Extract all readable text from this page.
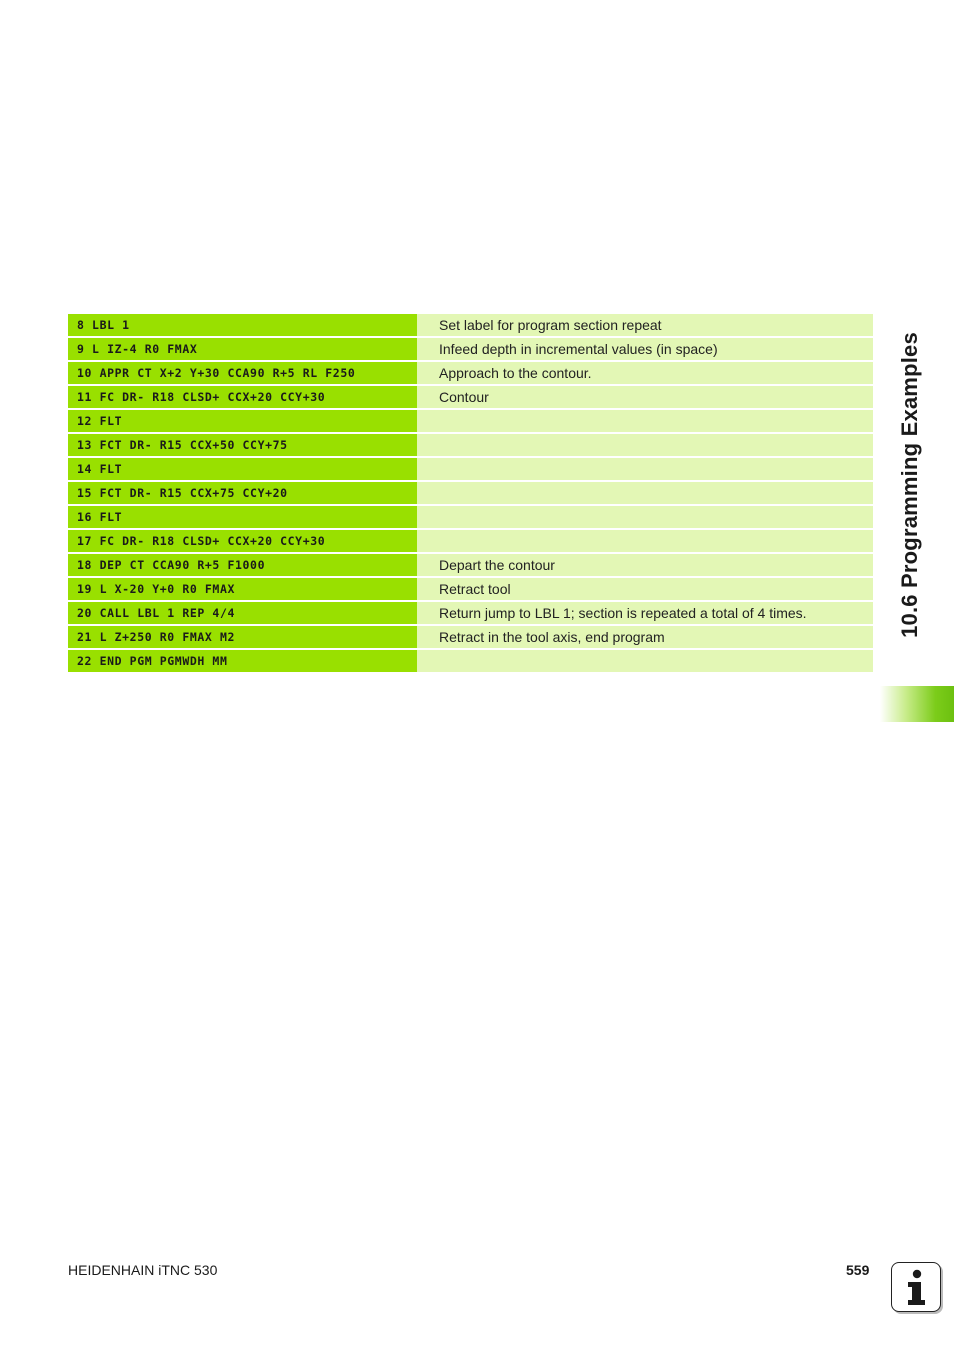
8 LBL 1	Set label for program section repeat
9 L IZ-4 R0 FMAX	Infeed depth in incremental values (in space)
10 APPR CT X+2 Y+30 CCA90 R+5 RL F250	Approach to the contour.
11 FC DR- R18 CLSD+ CCX+20 CCY+30	Contour
12 FLT	
13 FCT DR- R15 CCX+50 CCY+75	
14 FLT	
15 FCT DR- R15 CCX+75 CCY+20	
16 FLT	
17 FC DR- R18 CLSD+ CCX+20 CCY+30	
18 DEP CT CCA90 R+5 F1000	Depart the contour
19 L X-20 Y+0 R0 FMAX	Retract tool
20 CALL LBL 1 REP 4/4	Return jump to LBL 1; section is repeated a total of 4 times.
21 L Z+250 R0 FMAX M2	Retract in the tool axis, end program
22 END PGM PGMWDH MM	
10.6 Programming Examples
HEIDENHAIN iTNC 530	559
